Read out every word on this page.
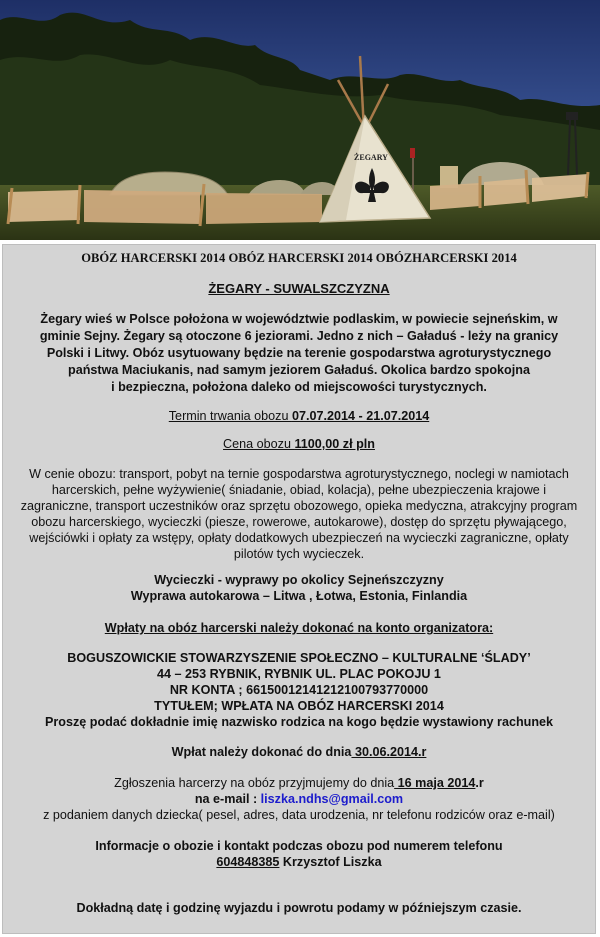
ŻEGARY
OBÓZ HARCERSKI 2014 OBÓZ HARCERSKI 2014 OBÓZHARCERSKI 2014
ŻEGARY - SUWALSZCZYZNA
Żegary wieś w Polsce położona w województwie podlaskim, w powiecie sejneńskim, w
gminie Sejny. Żegary są otoczone 6 jeziorami. Jedno z nich – Gaładuś - leży na granicy
Polski i Litwy. Obóz usytuowany będzie na terenie gospodarstwa agroturystycznego
państwa Maciukanis, nad samym jeziorem Gaładuś. Okolica bardzo spokojna
i bezpieczna, położona daleko od miejscowości turystycznych.
Termin trwania obozu 07.07.2014 - 21.07.2014
Cena obozu 1100,00 zł pln
W cenie obozu: transport, pobyt na ternie gospodarstwa agroturystycznego, noclegi w namiotach
harcerskich, pełne wyżywienie( śniadanie, obiad, kolacja), pełne ubezpieczenia krajowe i
zagraniczne, transport uczestników oraz sprzętu obozowego, opieka medyczna, atrakcyjny program
obozu harcerskiego, wycieczki (piesze, rowerowe, autokarowe), dostęp do sprzętu pływającego,
wejściówki i opłaty za wstępy, opłaty dodatkowych ubezpieczeń na wycieczki zagraniczne, opłaty
pilotów tych wycieczek.
Wycieczki - wyprawy po okolicy Sejneńszczyzny
Wyprawa autokarowa – Litwa , Łotwa, Estonia, Finlandia
Wpłaty na obóz harcerski należy dokonać na konto organizatora:
BOGUSZOWICKIE STOWARZYSZENIE SPOŁECZNO – KULTURALNE ‘ŚLADY’
44 – 253 RYBNIK, RYBNIK UL. PLAC POKOJU 1
NR KONTA ; 66150012141212100793770000
TYTUŁEM; WPŁATA NA OBÓZ HARCERSKI 2014
Proszę podać dokładnie imię nazwisko rodzica na kogo będzie wystawiony rachunek
Wpłat należy dokonać do dnia 30.06.2014.r
Zgłoszenia harcerzy na obóz przyjmujemy do dnia 16 maja 2014.r
na e-mail : liszka.ndhs@gmail.com
z podaniem danych dziecka( pesel, adres, data urodzenia, nr telefonu rodziców oraz e-mail)
Informacje o obozie i kontakt podczas obozu pod numerem telefonu
604848385 Krzysztof Liszka
Dokładną datę i godzinę wyjazdu i powrotu podamy w późniejszym czasie.
